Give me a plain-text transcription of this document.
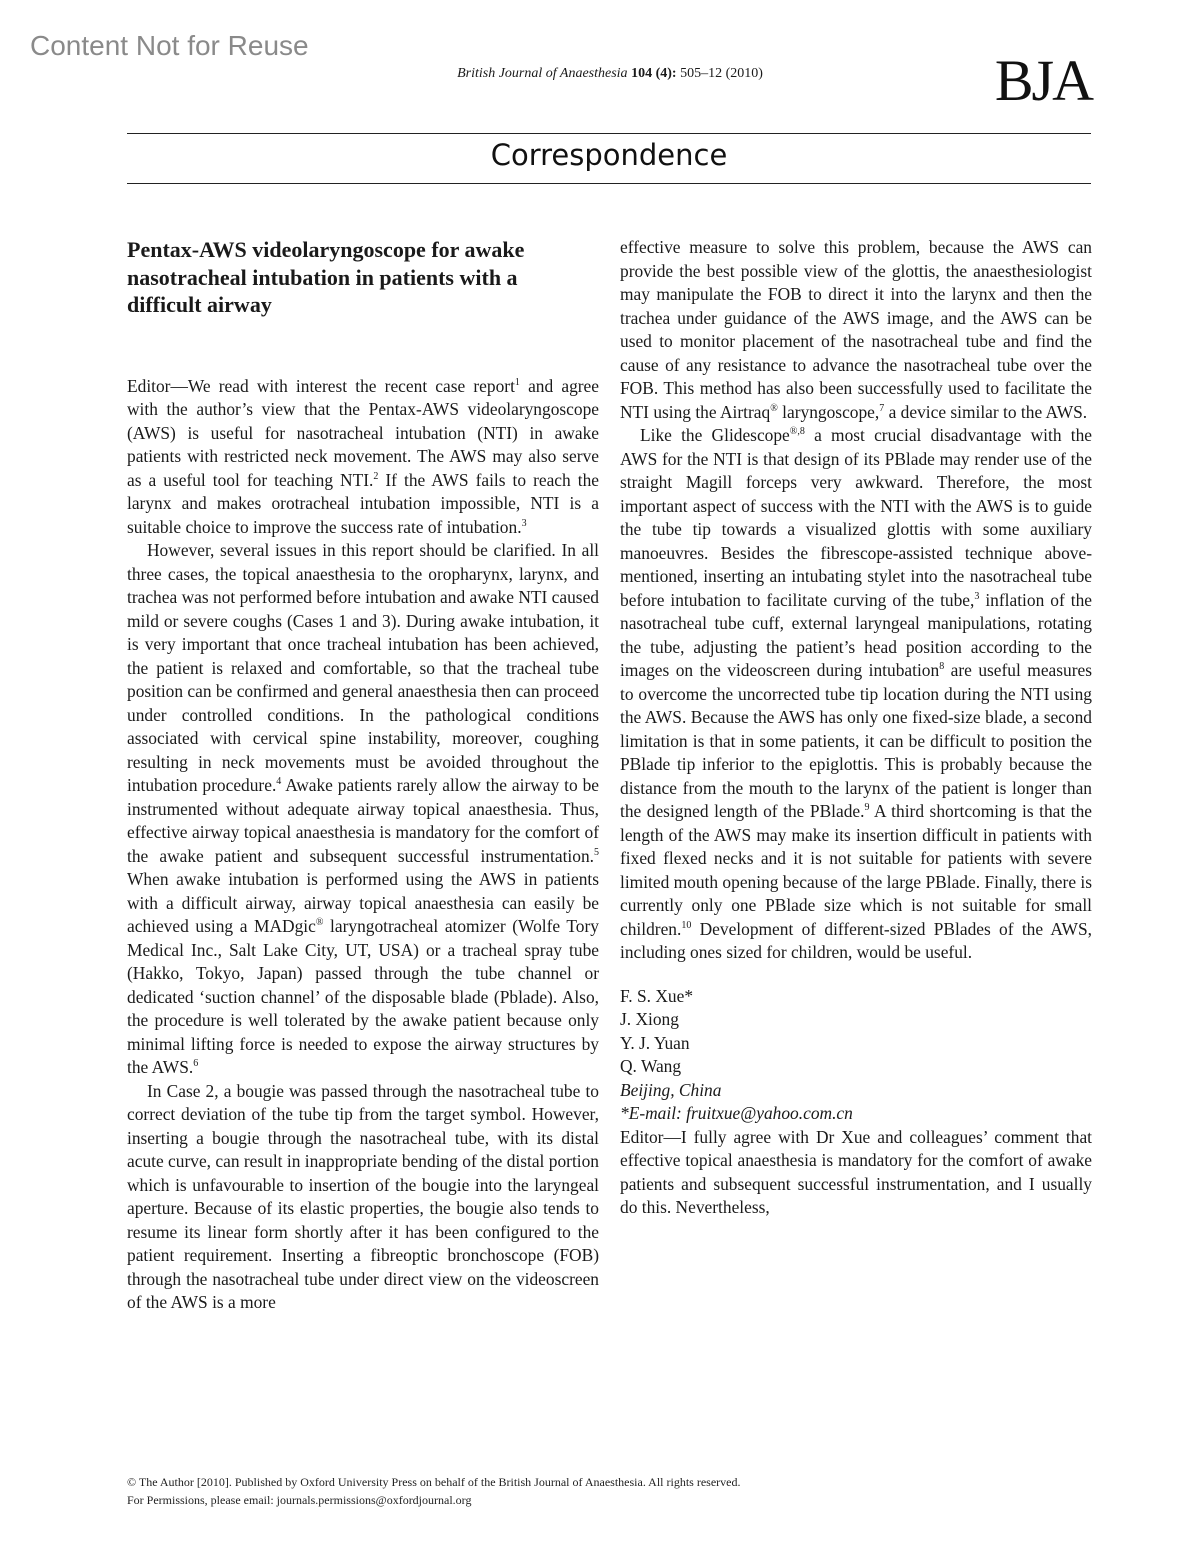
Content Not for Reuse
British Journal of Anaesthesia 104 (4): 505–12 (2010)	BJA
Correspondence
Pentax-AWS videolaryngoscope for awake nasotracheal intubation in patients with a difficult airway

Editor—We read with interest the recent case report$^1$ and agree with the author’s view that the Pentax-AWS videolaryngoscope (AWS) is useful for nasotracheal intubation (NTI) in awake patients with restricted neck movement. The AWS may also serve as a useful tool for teaching NTI.$^2$ If the AWS fails to reach the larynx and makes orotracheal intubation impossible, NTI is a suitable choice to improve the success rate of intubation.$^3$

However, several issues in this report should be clarified. In all three cases, the topical anaesthesia to the oropharynx, larynx, and trachea was not performed before intubation and awake NTI caused mild or severe coughs (Cases 1 and 3). During awake intubation, it is very important that once tracheal intubation has been achieved, the patient is relaxed and comfortable, so that the tracheal tube position can be confirmed and general anaesthesia then can proceed under controlled conditions. In the pathological conditions associated with cervical spine instability, moreover, coughing resulting in neck movements must be avoided throughout the intubation procedure.$^4$ Awake patients rarely allow the airway to be instrumented without adequate airway topical anaesthesia. Thus, effective airway topical anaesthesia is mandatory for the comfort of the awake patient and subsequent successful instrumentation.$^5$ When awake intubation is performed using the AWS in patients with a difficult airway, airway topical anaesthesia can easily be achieved using a MADgic® laryngotracheal atomizer (Wolfe Tory Medical Inc., Salt Lake City, UT, USA) or a tracheal spray tube (Hakko, Tokyo, Japan) passed through the tube channel or dedicated ‘suction channel’ of the disposable blade (Pblade). Also, the procedure is well tolerated by the awake patient because only minimal lifting force is needed to expose the airway structures by the AWS.$^6$

In Case 2, a bougie was passed through the nasotracheal tube to correct deviation of the tube tip from the target symbol. However, inserting a bougie through the nasotracheal tube, with its distal acute curve, can result in inappropriate bending of the distal portion which is unfavourable to insertion of the bougie into the laryngeal aperture. Because of its elastic properties, the bougie also tends to resume its linear form shortly after it has been configured to the patient requirement. Inserting a fibreoptic bronchoscope (FOB) through the nasotracheal tube under direct view on the videoscreen of the AWS is a more

effective measure to solve this problem, because the AWS can provide the best possible view of the glottis, the anaesthesiologist may manipulate the FOB to direct it into the larynx and then the trachea under guidance of the AWS image, and the AWS can be used to monitor placement of the nasotracheal tube and find the cause of any resistance to advance the nasotracheal tube over the FOB. This method has also been successfully used to facilitate the NTI using the Airtraq® laryngoscope,$^7$ a device similar to the AWS.

Like the Glidescope$^{®,8}$ a most crucial disadvantage with the AWS for the NTI is that design of its PBlade may render use of the straight Magill forceps very awkward. Therefore, the most important aspect of success with the NTI with the AWS is to guide the tube tip towards a visualized glottis with some auxiliary manoeuvres. Besides the fibrescope-assisted technique above-mentioned, inserting an intubating stylet into the nasotracheal tube before intubation to facilitate curving of the tube,$^3$ inflation of the nasotracheal tube cuff, external laryngeal manipulations, rotating the tube, adjusting the patient’s head position according to the images on the videoscreen during intubation$^8$ are useful measures to overcome the uncorrected tube tip location during the NTI using the AWS. Because the AWS has only one fixed-size blade, a second limitation is that in some patients, it can be difficult to position the PBlade tip inferior to the epiglottis. This is probably because the distance from the mouth to the larynx of the patient is longer than the designed length of the PBlade.$^9$ A third shortcoming is that the length of the AWS may make its insertion difficult in patients with fixed flexed necks and it is not suitable for patients with severe limited mouth opening because of the large PBlade. Finally, there is currently only one PBlade size which is not suitable for small children.$^{10}$ Development of different-sized PBlades of the AWS, including ones sized for children, would be useful.

F. S. Xue*
J. Xiong
Y. J. Yuan
Q. Wang
Beijing, China
*E-mail: fruitxue@yahoo.com.cn

Editor—I fully agree with Dr Xue and colleagues’ comment that effective topical anaesthesia is mandatory for the comfort of awake patients and subsequent successful instrumentation, and I usually do this. Nevertheless,

© The Author [2010]. Published by Oxford University Press on behalf of the British Journal of Anaesthesia. All rights reserved.
For Permissions, please email: journals.permissions@oxfordjournal.org
